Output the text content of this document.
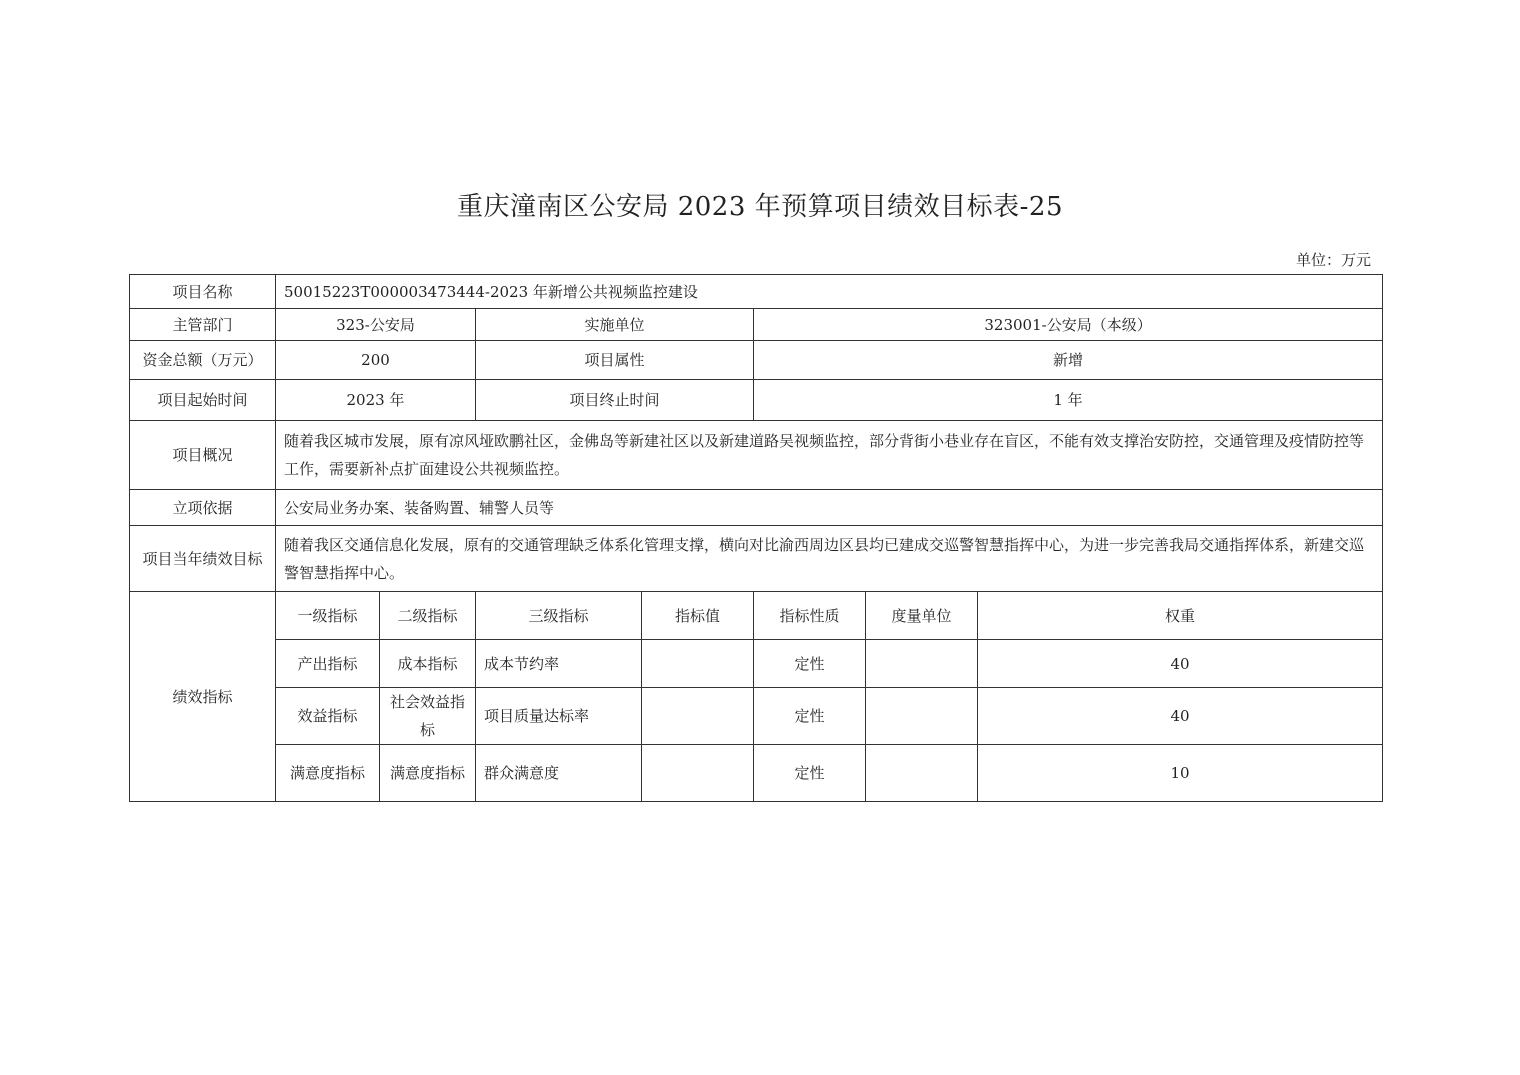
重庆潼南区公安局 2023 年预算项目绩效目标表-25
单位：万元
项目名称	50015223T000003473444-2023 年新增公共视频监控建设						
主管部门	323-公安局		实施单位		323001-公安局（本级）		
资金总额（万元）	200		项目属性		新增		
项目起始时间	2023 年		项目终止时间		1 年		
项目概况	随着我区城市发展，原有凉风垭欧鹏社区，金佛岛等新建社区以及新建道路吴视频监控，部分背街小巷业存在盲区，不能有效支撑治安防控，交通管理及疫情防控等工作，需要新补点扩面建设公共视频监控。						
立项依据	公安局业务办案、装备购置、辅警人员等						
项目当年绩效目标	随着我区交通信息化发展，原有的交通管理缺乏体系化管理支撑，横向对比渝西周边区县均已建成交巡警智慧指挥中心，为进一步完善我局交通指挥体系，新建交巡警智慧指挥中心。						
绩效指标	一级指标	二级指标	三级指标	指标值	指标性质	度量单位	权重
	产出指标	成本指标	成本节约率		定性		40
	效益指标	社会效益指标	项目质量达标率		定性		40
	满意度指标	满意度指标	群众满意度		定性		10
